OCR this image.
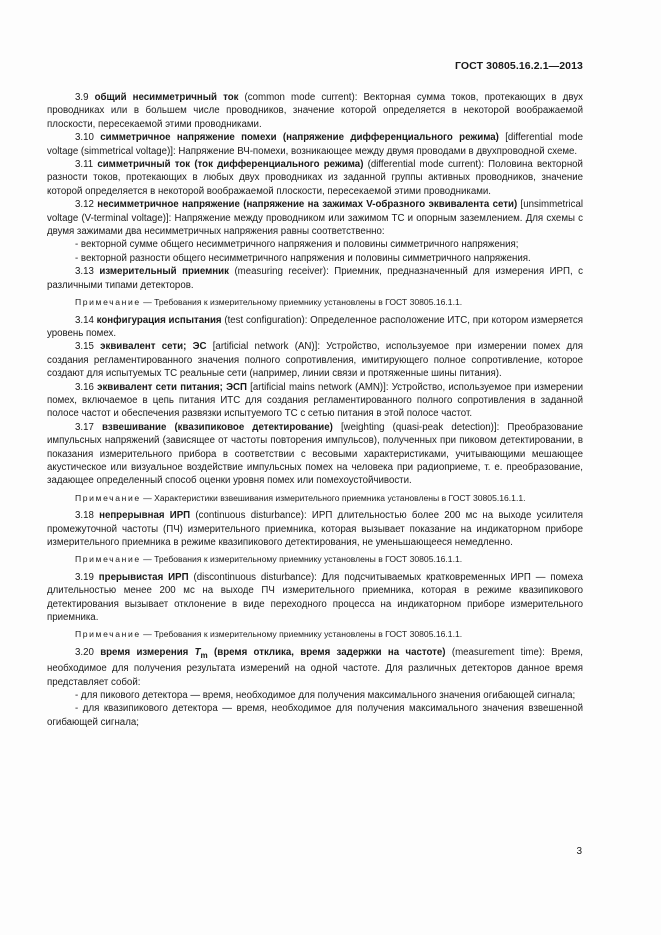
ГОСТ 30805.16.2.1—2013

3.9 общий несимметричный ток (common mode current): Векторная сумма токов, протекающих в двух проводниках или в большем числе проводников, значение которой определяется в некоторой воображаемой плоскости, пересекаемой этими проводниками.

3.10 симметричное напряжение помехи (напряжение дифференциального режима) [differential mode voltage (simmetrical voltage)]: Напряжение ВЧ-помехи, возникающее между двумя проводами в двухпроводной схеме.

3.11 симметричный ток (ток дифференциального режима) (differential mode current): Половина векторной разности токов, протекающих в любых двух проводниках из заданной группы активных проводников, значение которой определяется в некоторой воображаемой плоскости, пересекаемой этими проводниками.

3.12 несимметричное напряжение (напряжение на зажимах V-образного эквивалента сети) [unsimmetrical voltage (V-terminal voltage)]: Напряжение между проводником или зажимом ТС и опорным заземлением. Для схемы с двумя зажимами два несимметричных напряжения равны соответственно:

- векторной сумме общего несимметричного напряжения и половины симметричного напряжения;

- векторной разности общего несимметричного напряжения и половины симметричного напряжения.

3.13 измерительный приемник (measuring receiver): Приемник, предназначенный для измерения ИРП, с различными типами детекторов.

Примечание — Требования к измерительному приемнику установлены в ГОСТ 30805.16.1.1.

3.14 конфигурация испытания (test configuration): Определенное расположение ИТС, при котором измеряется уровень помех.

3.15 эквивалент сети; ЭС [artificial network (AN)]: Устройство, используемое при измерении помех для создания регламентированного значения полного сопротивления, имитирующего полное сопротивление, которое создают для испытуемых ТС реальные сети (например, линии связи и протяженные шины питания).

3.16 эквивалент сети питания; ЭСП [artificial mains network (AMN)]: Устройство, используемое при измерении помех, включаемое в цепь питания ИТС для создания регламентированного полного сопротивления в заданной полосе частот и обеспечения развязки испытуемого ТС с сетью питания в этой полосе частот.

3.17 взвешивание (квазипиковое детектирование) [weighting (quasi-peak detection)]: Преобразование импульсных напряжений (зависящее от частоты повторения импульсов), полученных при пиковом детектировании, в показания измерительного прибора в соответствии с весовыми характеристиками, учитывающими мешающее акустическое или визуальное воздействие импульсных помех на человека при радиоприеме, т. е. преобразование, задающее определенный способ оценки уровня помех или помехоустойчивости.

Примечание — Характеристики взвешивания измерительного приемника установлены в ГОСТ 30805.16.1.1.

3.18 непрерывная ИРП (continuous disturbance): ИРП длительностью более 200 мс на выходе усилителя промежуточной частоты (ПЧ) измерительного приемника, которая вызывает показание на индикаторном приборе измерительного приемника в режиме квазипикового детектирования, не уменьшающееся немедленно.

Примечание — Требования к измерительному приемнику установлены в ГОСТ 30805.16.1.1.

3.19 прерывистая ИРП (discontinuous disturbance): Для подсчитываемых кратковременных ИРП — помеха длительностью менее 200 мс на выходе ПЧ измерительного приемника, которая в режиме квазипикового детектирования вызывает отклонение в виде переходного процесса на индикаторном приборе измерительного приемника.

Примечание — Требования к измерительному приемнику установлены в ГОСТ 30805.16.1.1.

3.20 время измерения $T_m$ (время отклика, время задержки на частоте) (measurement time): Время, необходимое для получения результата измерений на одной частоте. Для различных детекторов данное время представляет собой:

- для пикового детектора — время, необходимое для получения максимального значения огибающей сигнала;

- для квазипикового детектора — время, необходимое для получения максимального значения взвешенной огибающей сигнала;

3
